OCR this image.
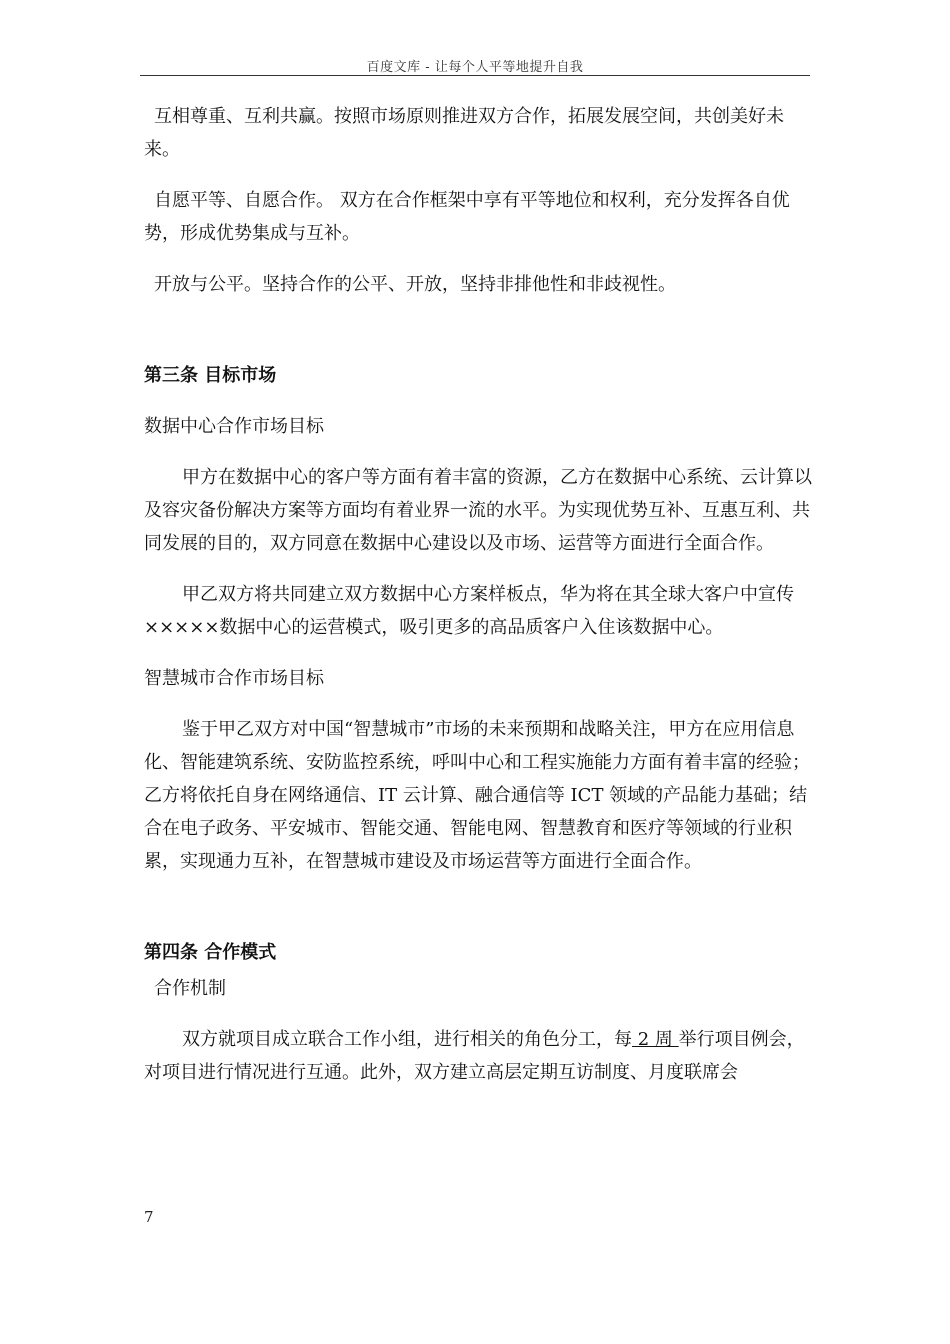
百度文库 - 让每个人平等地提升自我

互相尊重、互利共赢。按照市场原则推进双方合作，拓展发展空间，共创美好未来。

自愿平等、自愿合作。 双方在合作框架中享有平等地位和权利，充分发挥各自优势，形成优势集成与互补。

开放与公平。坚持合作的公平、开放，坚持非排他性和非歧视性。

第三条 目标市场

数据中心合作市场目标

甲方在数据中心的客户等方面有着丰富的资源，乙方在数据中心系统、云计算以及容灾备份解决方案等方面均有着业界一流的水平。为实现优势互补、互惠互利、共同发展的目的，双方同意在数据中心建设以及市场、运营等方面进行全面合作。

甲乙双方将共同建立双方数据中心方案样板点，华为将在其全球大客户中宣传×××××数据中心的运营模式，吸引更多的高品质客户入住该数据中心。

智慧城市合作市场目标

鉴于甲乙双方对中国“智慧城市”市场的未来预期和战略关注，甲方在应用信息化、智能建筑系统、安防监控系统，呼叫中心和工程实施能力方面有着丰富的经验；乙方将依托自身在网络通信、IT 云计算、融合通信等 ICT 领域的产品能力基础；结合在电子政务、平安城市、智能交通、智能电网、智慧教育和医疗等领域的行业积累，实现通力互补，在智慧城市建设及市场运营等方面进行全面合作。

第四条 合作模式

合作机制

双方就项目成立联合工作小组，进行相关的角色分工，每 2 周 举行项目例会，对项目进行情况进行互通。此外，双方建立高层定期互访制度、月度联席会

7
